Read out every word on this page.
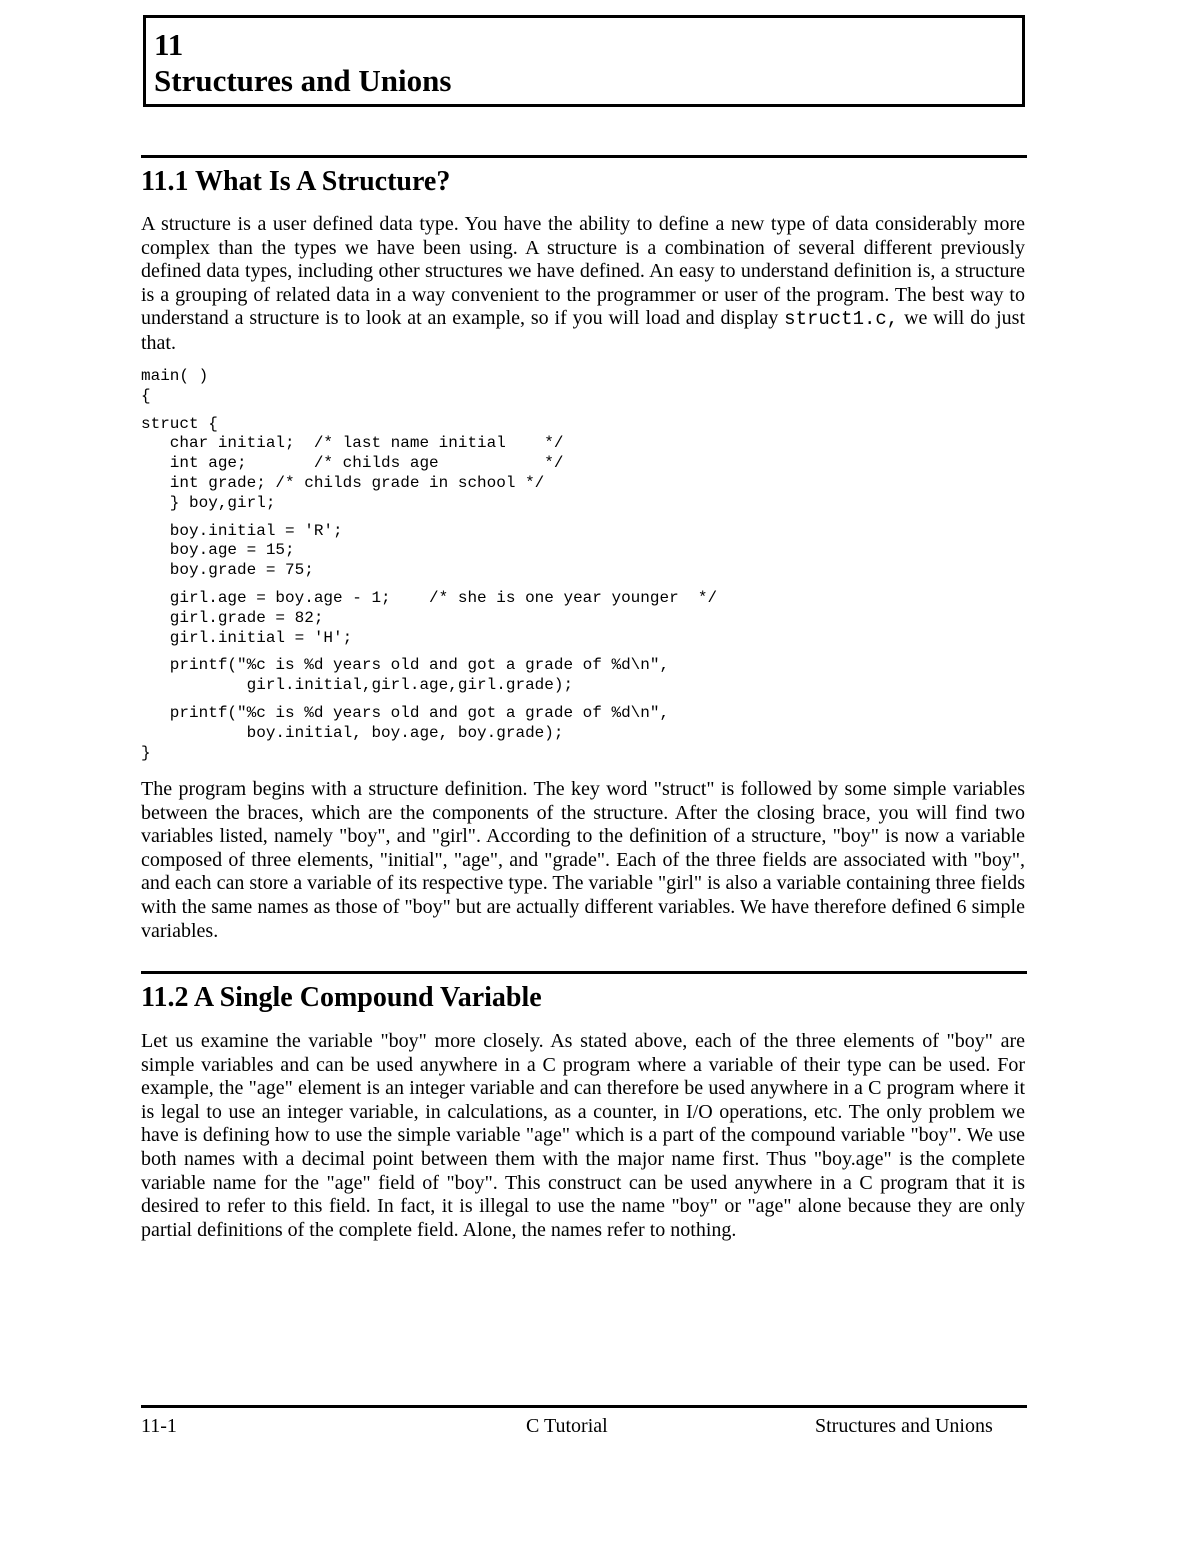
11
Structures and Unions
11.1 What Is A Structure?

A structure is a user defined data type. You have the ability to define a new type of data considerably more complex than the types we have been using. A structure is a combination of several different previously defined data types, including other structures we have defined. An easy to understand definition is, a structure is a grouping of related data in a way convenient to the programmer or user of the program. The best way to understand a structure is to look at an example, so if you will load and display struct1.c, we will do just that.

main( )
{
struct {
char initial;  /* last name initial    */
int age;       /* childs age           */
int grade; /* childs grade in school */
} boy,girl;
boy.initial = 'R';
boy.age = 15;
boy.grade = 75;
girl.age = boy.age - 1;    /* she is one year younger  */
girl.grade = 82;
girl.initial = 'H';
printf("%c is %d years old and got a grade of %d\n",
girl.initial,girl.age,girl.grade);
printf("%c is %d years old and got a grade of %d\n",
boy.initial, boy.age, boy.grade);
}

The program begins with a structure definition. The key word "struct" is followed by some simple variables between the braces, which are the components of the structure. After the closing brace, you will find two variables listed, namely "boy", and "girl". According to the definition of a structure, "boy" is now a variable composed of three elements, "initial", "age", and "grade". Each of the three fields are associated with "boy", and each can store a variable of its respective type. The variable "girl" is also a variable containing three fields with the same names as those of "boy" but are actually different variables. We have therefore defined 6 simple variables.

11.2 A Single Compound Variable

Let us examine the variable "boy" more closely. As stated above, each of the three elements of "boy" are simple variables and can be used anywhere in a C program where a variable of their type can be used. For example, the "age" element is an integer variable and can therefore be used anywhere in a C program where it is legal to use an integer variable, in calculations, as a counter, in I/O operations, etc. The only problem we have is defining how to use the simple variable "age" which is a part of the compound variable "boy". We use both names with a decimal point between them with the major name first. Thus "boy.age" is the complete variable name for the "age" field of "boy". This construct can be used anywhere in a C program that it is desired to refer to this field. In fact, it is illegal to use the name "boy" or "age" alone because they are only partial definitions of the complete field. Alone, the names refer to nothing.

11-1	C Tutorial	Structures and Unions
